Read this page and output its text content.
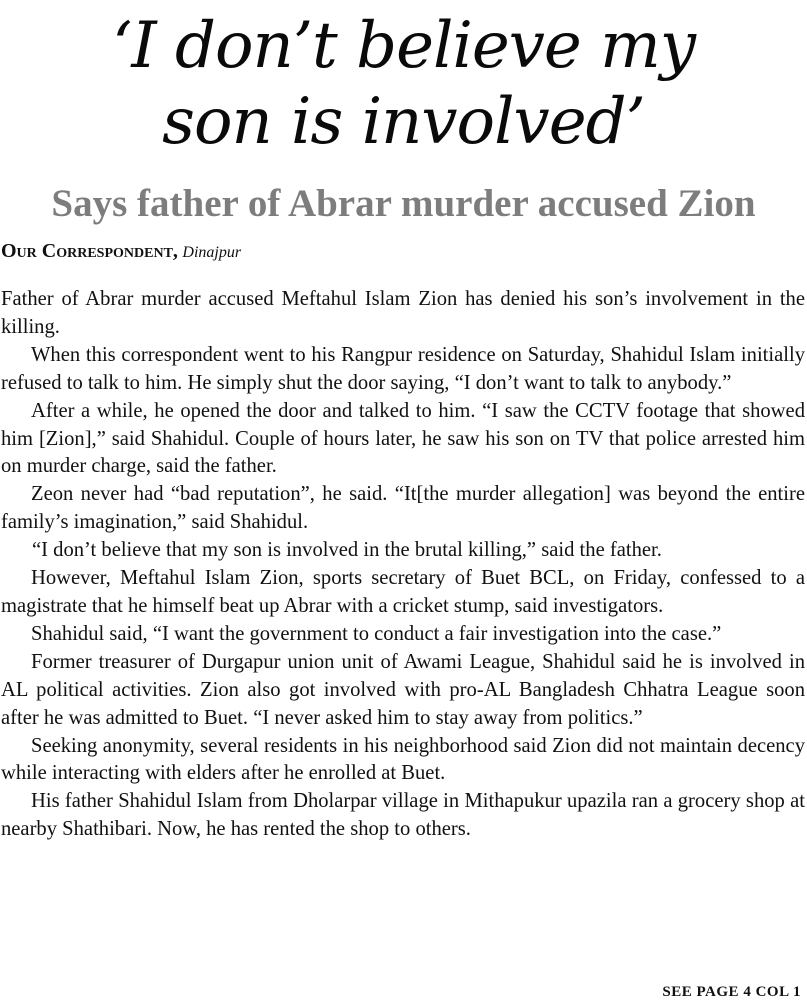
‘I don’t believe my
son is involved’
Says father of Abrar murder accused Zion
Our Correspondent, Dinajpur

Father of Abrar murder accused Meftahul Islam Zion has denied his son’s involvement in the killing.

When this correspondent went to his Rangpur residence on Saturday, Shahidul Islam initially refused to talk to him. He simply shut the door saying, “I don’t want to talk to anybody.”

After a while, he opened the door and talked to him. “I saw the CCTV footage that showed him [Zion],” said Shahidul. Couple of hours later, he saw his son on TV that police arrested him on murder charge, said the father.

Zeon never had “bad reputation”, he said. “It[the murder allegation] was beyond the entire family’s imagination,” said Shahidul.

“I don’t believe that my son is involved in the brutal killing,” said the father.

However, Meftahul Islam Zion, sports secretary of Buet BCL, on Friday, confessed to a magistrate that he himself beat up Abrar with a cricket stump, said investigators.

Shahidul said, “I want the government to conduct a fair investigation into the case.”

Former treasurer of Durgapur union unit of Awami League, Shahidul said he is involved in AL political activities. Zion also got involved with pro-AL Bangladesh Chhatra League soon after he was admitted to Buet. “I never asked him to stay away from politics.”

Seeking anonymity, several residents in his neighborhood said Zion did not maintain decency while interacting with elders after he enrolled at Buet.

His father Shahidul Islam from Dholarpar village in Mithapukur upazila ran a grocery shop at nearby Shathibari. Now, he has rented the shop to others.

SEE PAGE 4 COL 1
